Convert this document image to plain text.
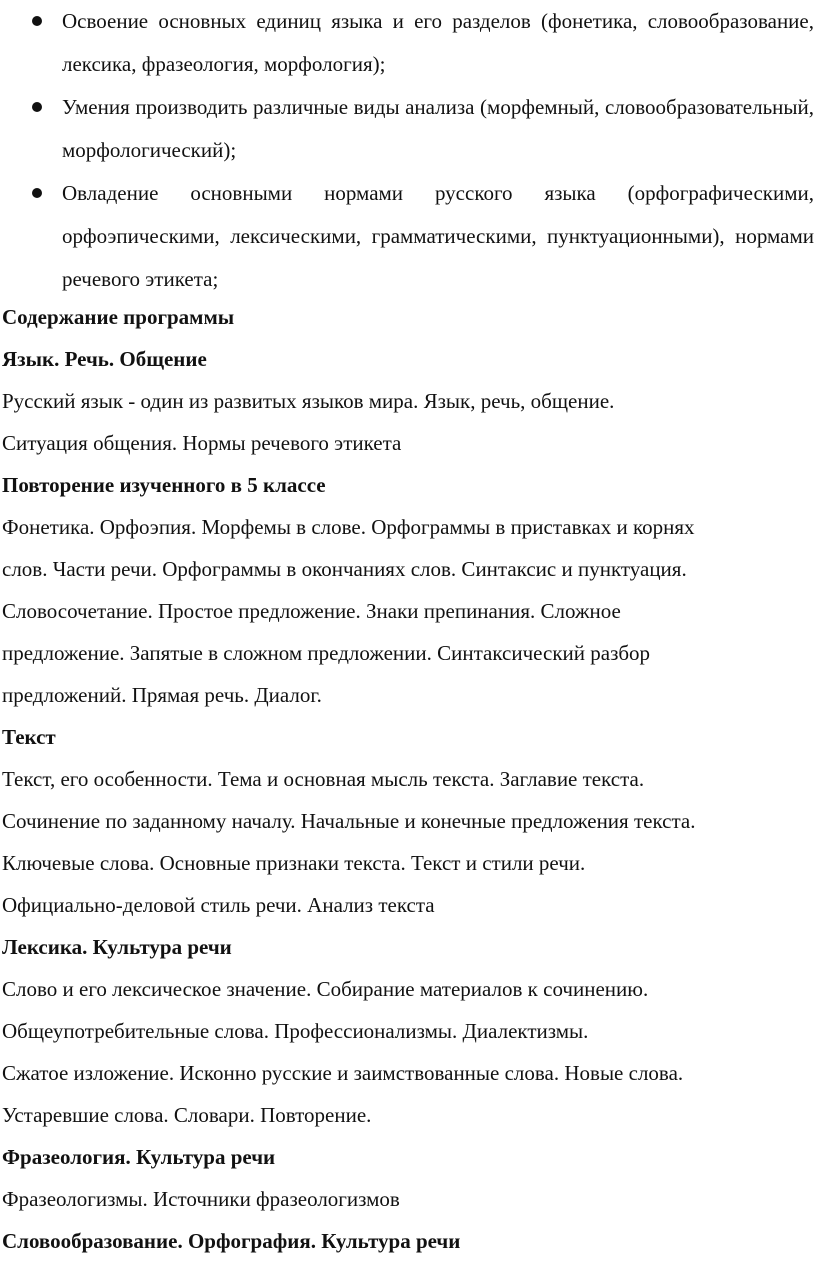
Освоение основных единиц языка и его разделов (фонетика, словообразование, лексика, фразеология, морфология);
Умения производить различные виды анализа (морфемный, словообразовательный, морфологический);
Овладение основными нормами русского языка (орфографическими, орфоэпическими, лексическими, грамматическими, пунктуационными), нормами речевого этикета;
Содержание программы
Язык. Речь. Общение
Русский язык - один из развитых языков мира. Язык, речь, общение.
Ситуация общения. Нормы речевого этикета
Повторение изученного в 5 классе
Фонетика. Орфоэпия. Морфемы в слове. Орфограммы в приставках и корнях
слов. Части речи. Орфограммы в окончаниях слов. Синтаксис и пунктуация.
Словосочетание. Простое предложение. Знаки препинания. Сложное
предложение. Запятые в сложном предложении. Синтаксический разбор
предложений. Прямая речь. Диалог.
Текст
Текст, его особенности. Тема и основная мысль текста. Заглавие текста.
Сочинение по заданному началу. Начальные и конечные предложения текста.
Ключевые слова. Основные признаки текста. Текст и стили речи.
Официально-деловой стиль речи. Анализ текста
Лексика. Культура речи
Слово и его лексическое значение. Собирание материалов к сочинению.
Общеупотребительные слова. Профессионализмы. Диалектизмы.
Сжатое изложение. Исконно русские и заимствованные слова. Новые слова.
Устаревшие слова. Словари. Повторение.
Фразеология. Культура речи
Фразеологизмы. Источники фразеологизмов
Словообразование. Орфография. Культура речи
